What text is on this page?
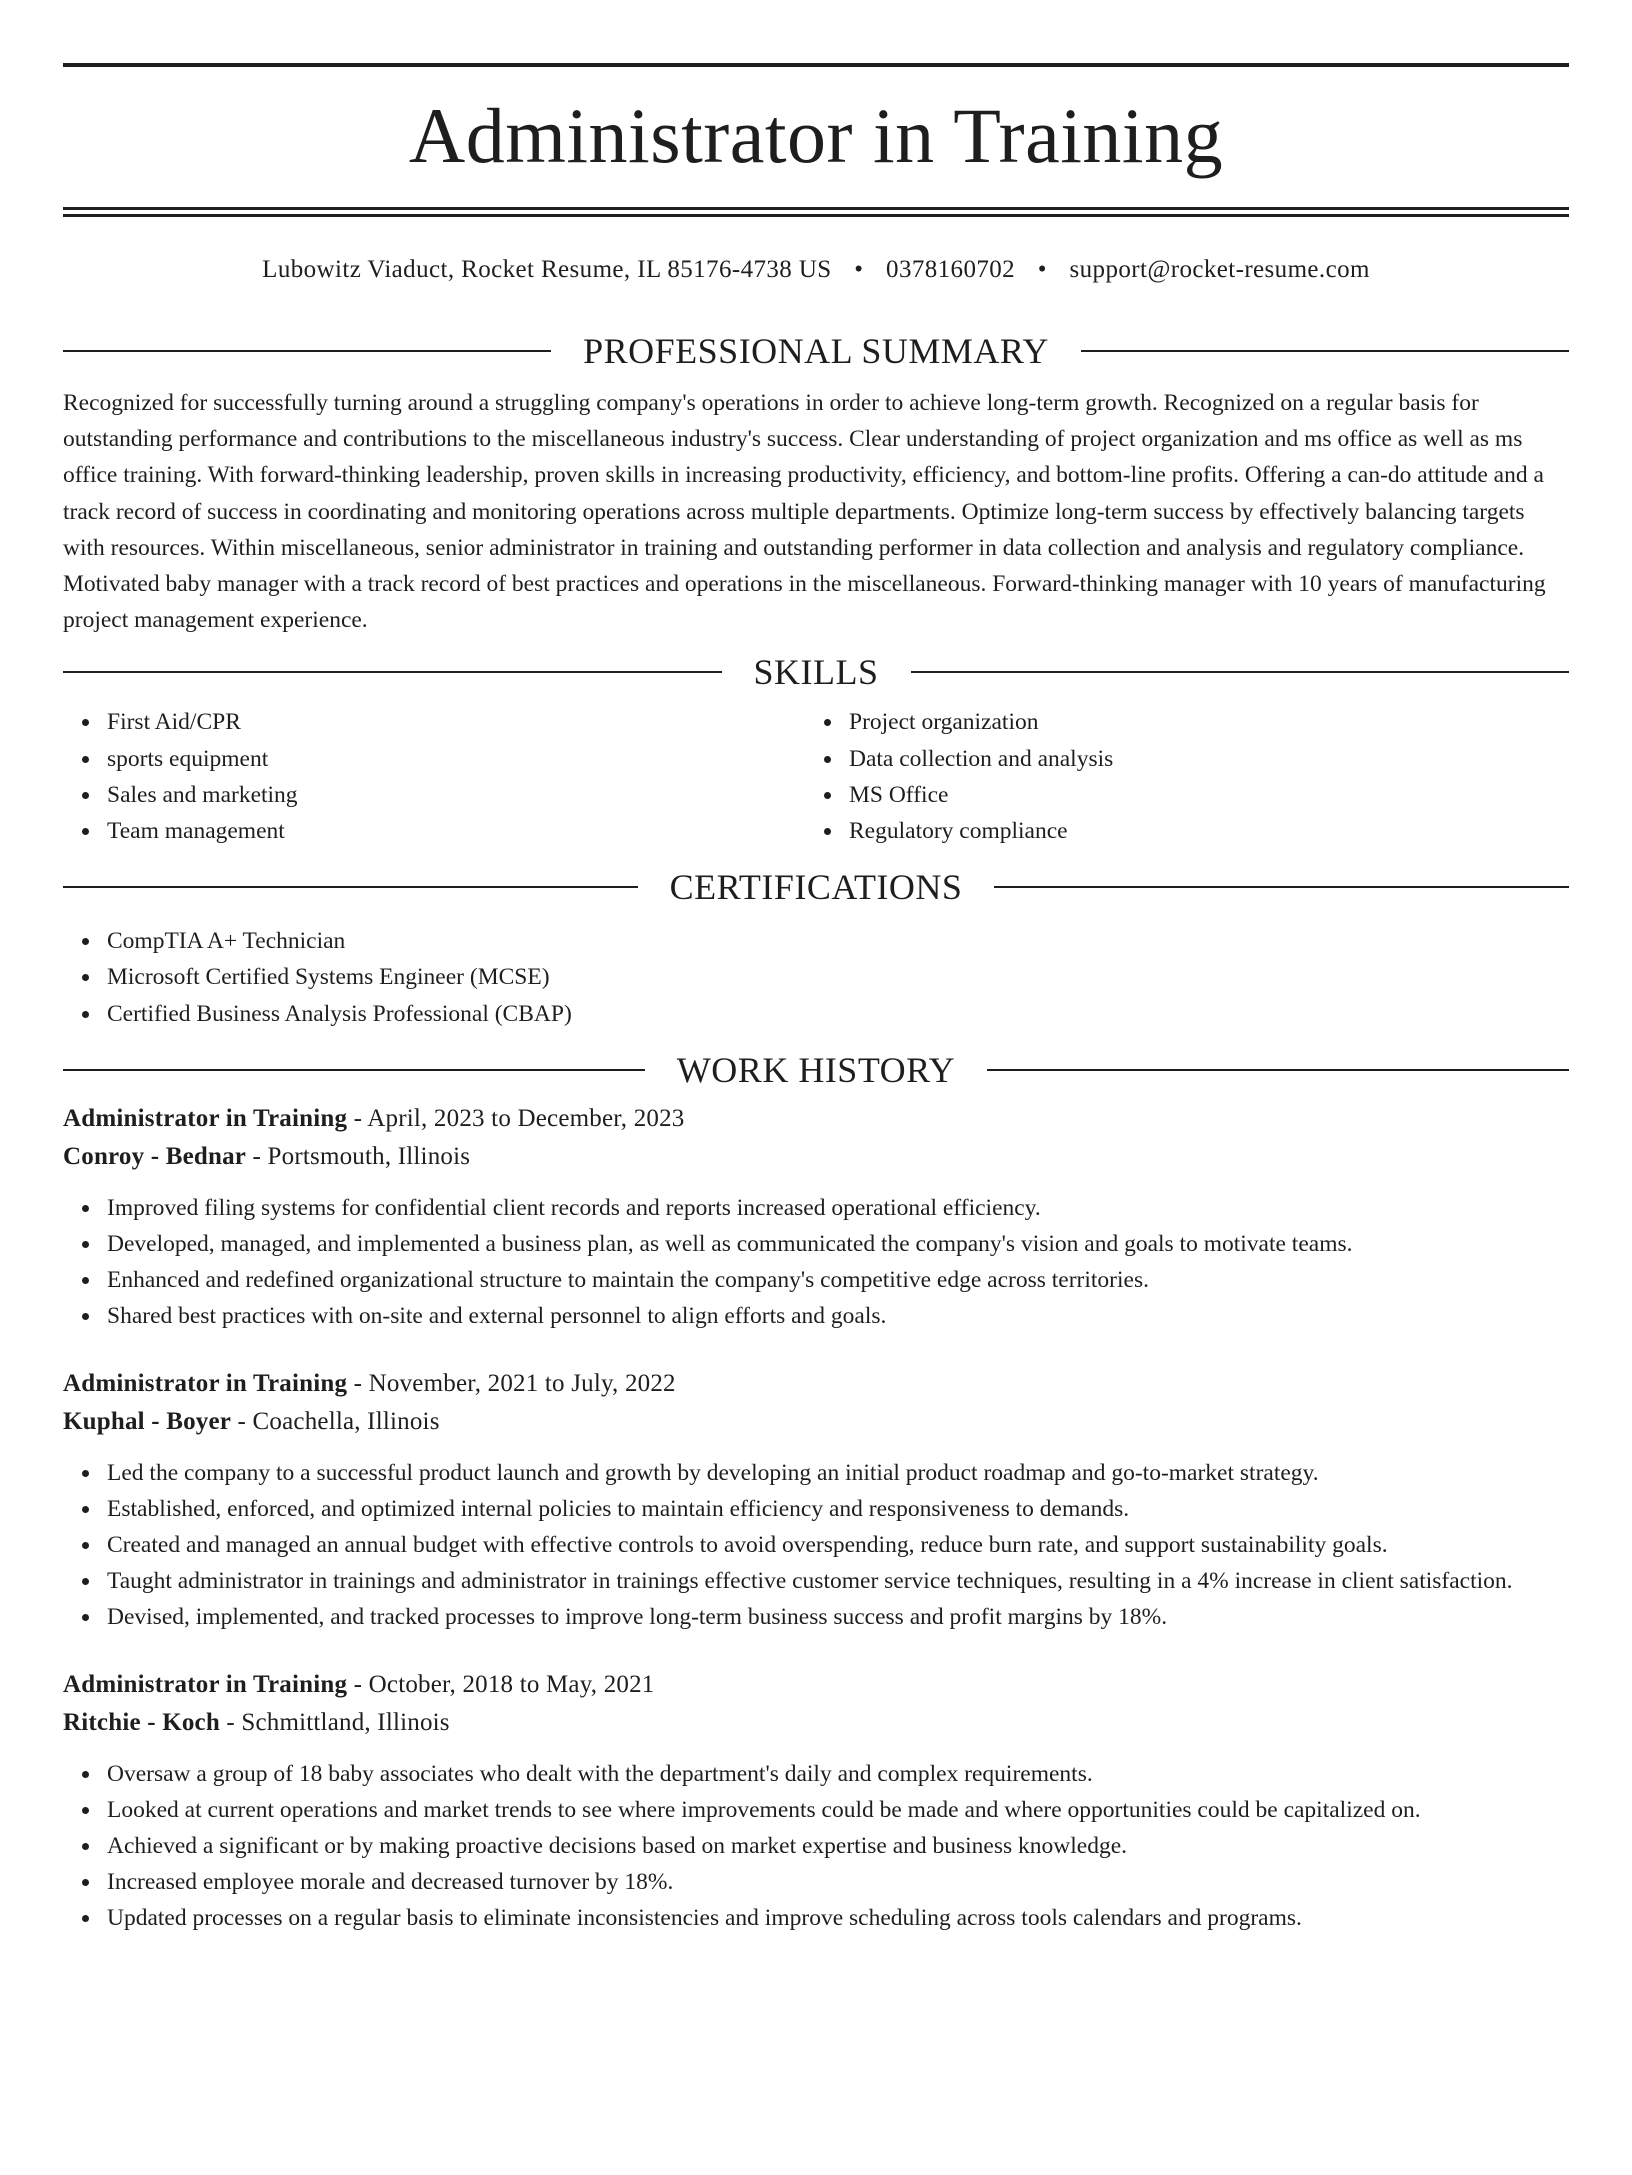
Administrator in Training
Lubowitz Viaduct, Rocket Resume, IL 85176-4738 US • 0378160702 • support@rocket-resume.com
PROFESSIONAL SUMMARY

Recognized for successfully turning around a struggling company's operations in order to achieve long-term growth. Recognized on a regular basis for outstanding performance and contributions to the miscellaneous industry's success. Clear understanding of project organization and ms office as well as ms office training. With forward-thinking leadership, proven skills in increasing productivity, efficiency, and bottom-line profits. Offering a can-do attitude and a track record of success in coordinating and monitoring operations across multiple departments. Optimize long-term success by effectively balancing targets with resources. Within miscellaneous, senior administrator in training and outstanding performer in data collection and analysis and regulatory compliance. Motivated baby manager with a track record of best practices and operations in the miscellaneous. Forward-thinking manager with 10 years of manufacturing project management experience.

SKILLS
First Aid/CPR
sports equipment
Sales and marketing
Team management
Project organization
Data collection and analysis
MS Office
Regulatory compliance
CERTIFICATIONS
CompTIA A+ Technician
Microsoft Certified Systems Engineer (MCSE)
Certified Business Analysis Professional (CBAP)
WORK HISTORY
Administrator in Training - April, 2023 to December, 2023
Conroy - Bednar - Portsmouth, Illinois
Improved filing systems for confidential client records and reports increased operational efficiency.
Developed, managed, and implemented a business plan, as well as communicated the company's vision and goals to motivate teams.
Enhanced and redefined organizational structure to maintain the company's competitive edge across territories.
Shared best practices with on-site and external personnel to align efforts and goals.
Administrator in Training - November, 2021 to July, 2022
Kuphal - Boyer - Coachella, Illinois
Led the company to a successful product launch and growth by developing an initial product roadmap and go-to-market strategy.
Established, enforced, and optimized internal policies to maintain efficiency and responsiveness to demands.
Created and managed an annual budget with effective controls to avoid overspending, reduce burn rate, and support sustainability goals.
Taught administrator in trainings and administrator in trainings effective customer service techniques, resulting in a 4% increase in client satisfaction.
Devised, implemented, and tracked processes to improve long-term business success and profit margins by 18%.
Administrator in Training - October, 2018 to May, 2021
Ritchie - Koch - Schmittland, Illinois
Oversaw a group of 18 baby associates who dealt with the department's daily and complex requirements.
Looked at current operations and market trends to see where improvements could be made and where opportunities could be capitalized on.
Achieved a significant or by making proactive decisions based on market expertise and business knowledge.
Increased employee morale and decreased turnover by 18%.
Updated processes on a regular basis to eliminate inconsistencies and improve scheduling across tools calendars and programs.
